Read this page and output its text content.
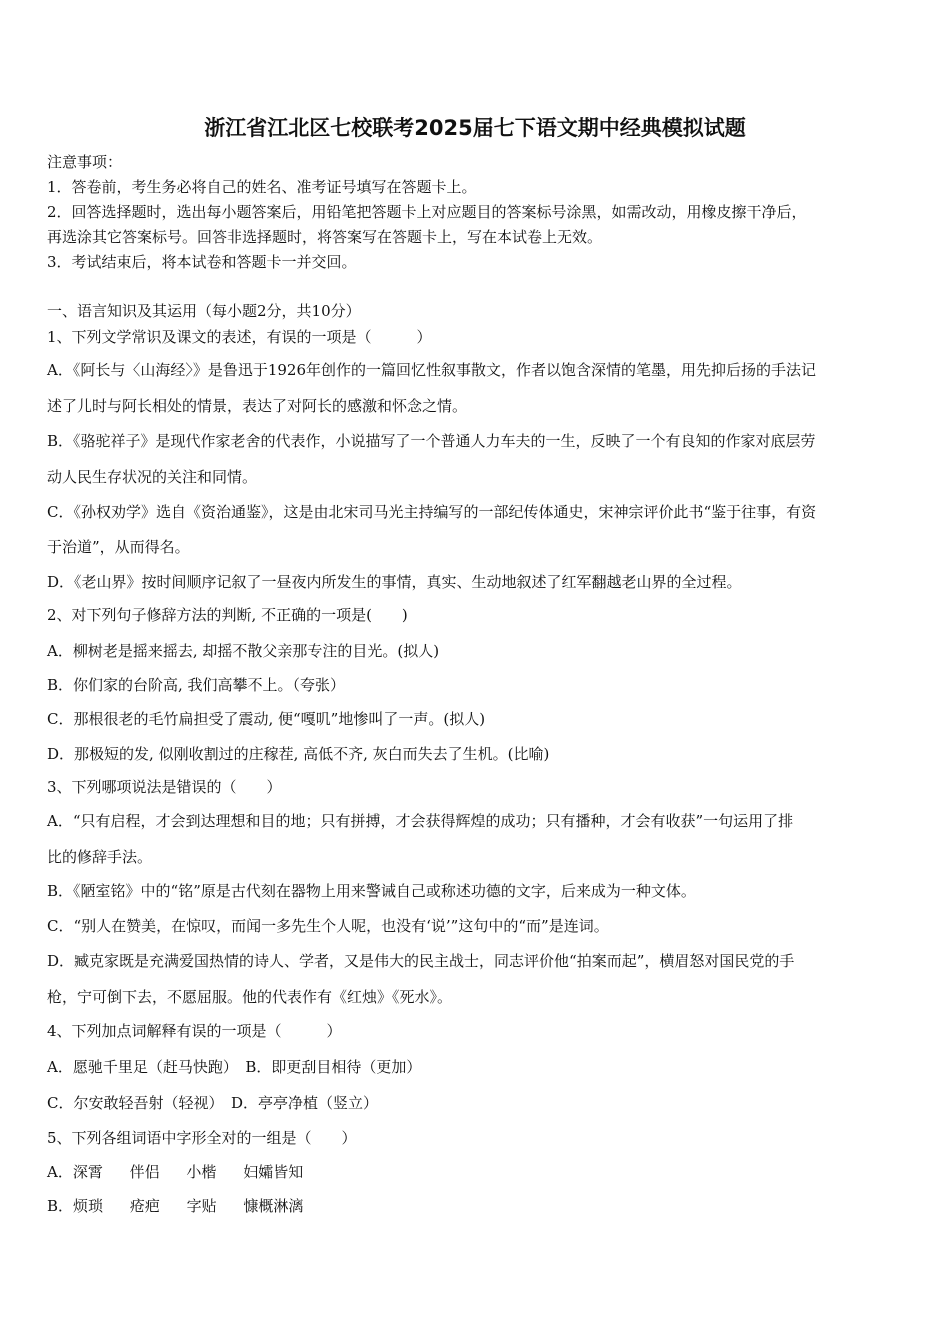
浙江省江北区七校联考2025届七下语文期中经典模拟试题
注意事项：
1．答卷前，考生务必将自己的姓名、准考证号填写在答题卡上。
2．回答选择题时，选出每小题答案后，用铅笔把答题卡上对应题目的答案标号涂黑，如需改动，用橡皮擦干净后，
再选涂其它答案标号。回答非选择题时，将答案写在答题卡上，写在本试卷上无效。
3．考试结束后，将本试卷和答题卡一并交回。
一、语言知识及其运用（每小题2分，共10分）
1、下列文学常识及课文的表述，有误的一项是（　　　）
A．《阿长与〈山海经〉》是鲁迅于1926年创作的一篇回忆性叙事散文，作者以饱含深情的笔墨，用先抑后扬的手法记
述了儿时与阿长相处的情景，表达了对阿长的感激和怀念之情。
B．《骆驼祥子》是现代作家老舍的代表作，小说描写了一个普通人力车夫的一生，反映了一个有良知的作家对底层劳
动人民生存状况的关注和同情。
C．《孙权劝学》选自《资治通鉴》，这是由北宋司马光主持编写的一部纪传体通史，宋神宗评价此书“鉴于往事，有资
于治道”，从而得名。
D．《老山界》按时间顺序记叙了一昼夜内所发生的事情，真实、生动地叙述了红军翻越老山界的全过程。
2、对下列句子修辞方法的判断, 不正确的一项是(　　)
A．柳树老是摇来摇去, 却摇不散父亲那专注的目光。(拟人)
B．你们家的台阶高, 我们高攀不上。（夸张）
C．那根很老的毛竹扁担受了震动, 便“嘎叽”地惨叫了一声。(拟人)
D．那极短的发, 似刚收割过的庄稼茬, 高低不齐, 灰白而失去了生机。(比喻)
3、下列哪项说法是错误的（　　）
A．“只有启程，才会到达理想和目的地；只有拼搏，才会获得辉煌的成功；只有播种，才会有收获”一句运用了排
比的修辞手法。
B．《陋室铭》中的“铭”原是古代刻在器物上用来警诫自己或称述功德的文字，后来成为一种文体。
C．“别人在赞美，在惊叹，而闻一多先生个人呢，也没有‘说’”这句中的“而”是连词。
D．臧克家既是充满爱国热情的诗人、学者，又是伟大的民主战士，同志评价他“拍案而起”，横眉怒对国民党的手
枪，宁可倒下去，不愿屈服。他的代表作有《红烛》《死水》。
4、下列加点词解释有误的一项是（　　　）
A．愿驰千里足（赶马快跑）　B．即更刮目相待（更加）
C．尔安敢轻吾射（轻视）　D．亭亭净植（竖立）
5、下列各组词语中字形全对的一组是（　　）
A．深霄 伴侣 小楷 妇孀皆知
B．烦琐 疮疤 字贴 慷概淋漓
